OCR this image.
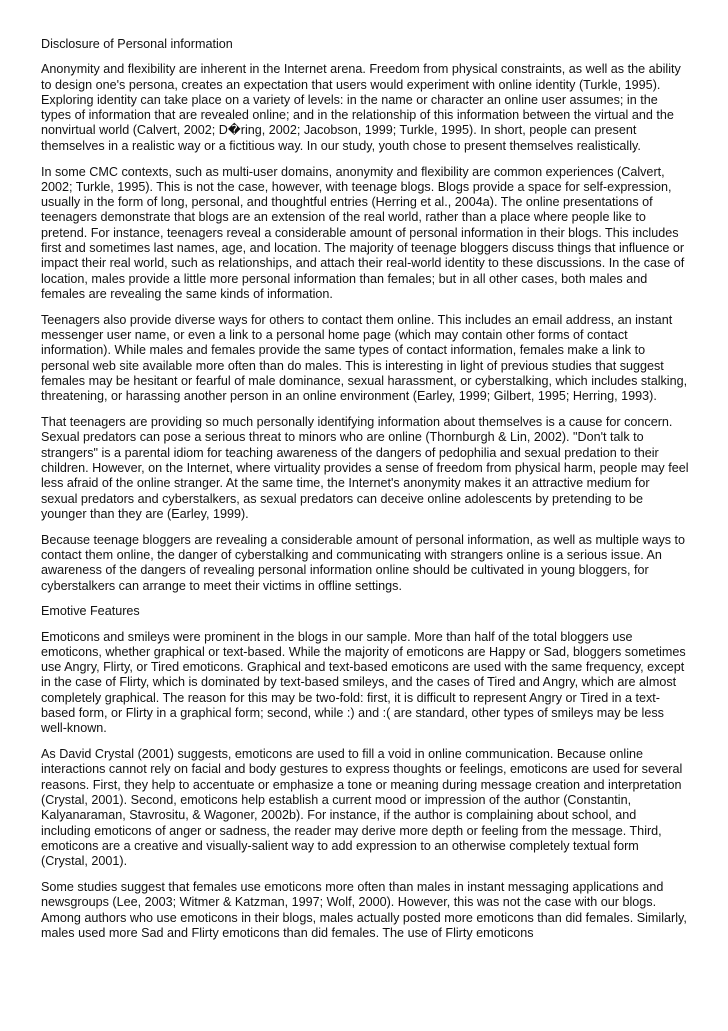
Disclosure of Personal information

Anonymity and flexibility are inherent in the Internet arena. Freedom from physical constraints, as well as the ability to design one's persona, creates an expectation that users would experiment with online identity (Turkle, 1995). Exploring identity can take place on a variety of levels: in the name or character an online user assumes; in the types of information that are revealed online; and in the relationship of this information between the virtual and the nonvirtual world (Calvert, 2002; D�ring, 2002; Jacobson, 1999; Turkle, 1995). In short, people can present themselves in a realistic way or a fictitious way. In our study, youth chose to present themselves realistically.

In some CMC contexts, such as multi-user domains, anonymity and flexibility are common experiences (Calvert, 2002; Turkle, 1995). This is not the case, however, with teenage blogs. Blogs provide a space for self-expression, usually in the form of long, personal, and thoughtful entries (Herring et al., 2004a). The online presentations of teenagers demonstrate that blogs are an extension of the real world, rather than a place where people like to pretend. For instance, teenagers reveal a considerable amount of personal information in their blogs. This includes first and sometimes last names, age, and location. The majority of teenage bloggers discuss things that influence or impact their real world, such as relationships, and attach their real-world identity to these discussions. In the case of location, males provide a little more personal information than females; but in all other cases, both males and females are revealing the same kinds of information.

Teenagers also provide diverse ways for others to contact them online. This includes an email address, an instant messenger user name, or even a link to a personal home page (which may contain other forms of contact information). While males and females provide the same types of contact information, females make a link to personal web site available more often than do males. This is interesting in light of previous studies that suggest females may be hesitant or fearful of male dominance, sexual harassment, or cyberstalking, which includes stalking, threatening, or harassing another person in an online environment (Earley, 1999; Gilbert, 1995; Herring, 1993).

That teenagers are providing so much personally identifying information about themselves is a cause for concern. Sexual predators can pose a serious threat to minors who are online (Thornburgh & Lin, 2002). "Don't talk to strangers" is a parental idiom for teaching awareness of the dangers of pedophilia and sexual predation to their children. However, on the Internet, where virtuality provides a sense of freedom from physical harm, people may feel less afraid of the online stranger. At the same time, the Internet's anonymity makes it an attractive medium for sexual predators and cyberstalkers, as sexual predators can deceive online adolescents by pretending to be younger than they are (Earley, 1999).

Because teenage bloggers are revealing a considerable amount of personal information, as well as multiple ways to contact them online, the danger of cyberstalking and communicating with strangers online is a serious issue. An awareness of the dangers of revealing personal information online should be cultivated in young bloggers, for cyberstalkers can arrange to meet their victims in offline settings.

Emotive Features

Emoticons and smileys were prominent in the blogs in our sample. More than half of the total bloggers use emoticons, whether graphical or text-based. While the majority of emoticons are Happy or Sad, bloggers sometimes use Angry, Flirty, or Tired emoticons. Graphical and text-based emoticons are used with the same frequency, except in the case of Flirty, which is dominated by text-based smileys, and the cases of Tired and Angry, which are almost completely graphical. The reason for this may be two-fold: first, it is difficult to represent Angry or Tired in a text-based form, or Flirty in a graphical form; second, while :) and :( are standard, other types of smileys may be less well-known.

As David Crystal (2001) suggests, emoticons are used to fill a void in online communication. Because online interactions cannot rely on facial and body gestures to express thoughts or feelings, emoticons are used for several reasons. First, they help to accentuate or emphasize a tone or meaning during message creation and interpretation (Crystal, 2001). Second, emoticons help establish a current mood or impression of the author (Constantin, Kalyanaraman, Stavrositu, & Wagoner, 2002b). For instance, if the author is complaining about school, and including emoticons of anger or sadness, the reader may derive more depth or feeling from the message. Third, emoticons are a creative and visually-salient way to add expression to an otherwise completely textual form (Crystal, 2001).

Some studies suggest that females use emoticons more often than males in instant messaging applications and newsgroups (Lee, 2003; Witmer & Katzman, 1997; Wolf, 2000). However, this was not the case with our blogs. Among authors who use emoticons in their blogs, males actually posted more emoticons than did females. Similarly, males used more Sad and Flirty emoticons than did females. The use of Flirty emoticons
